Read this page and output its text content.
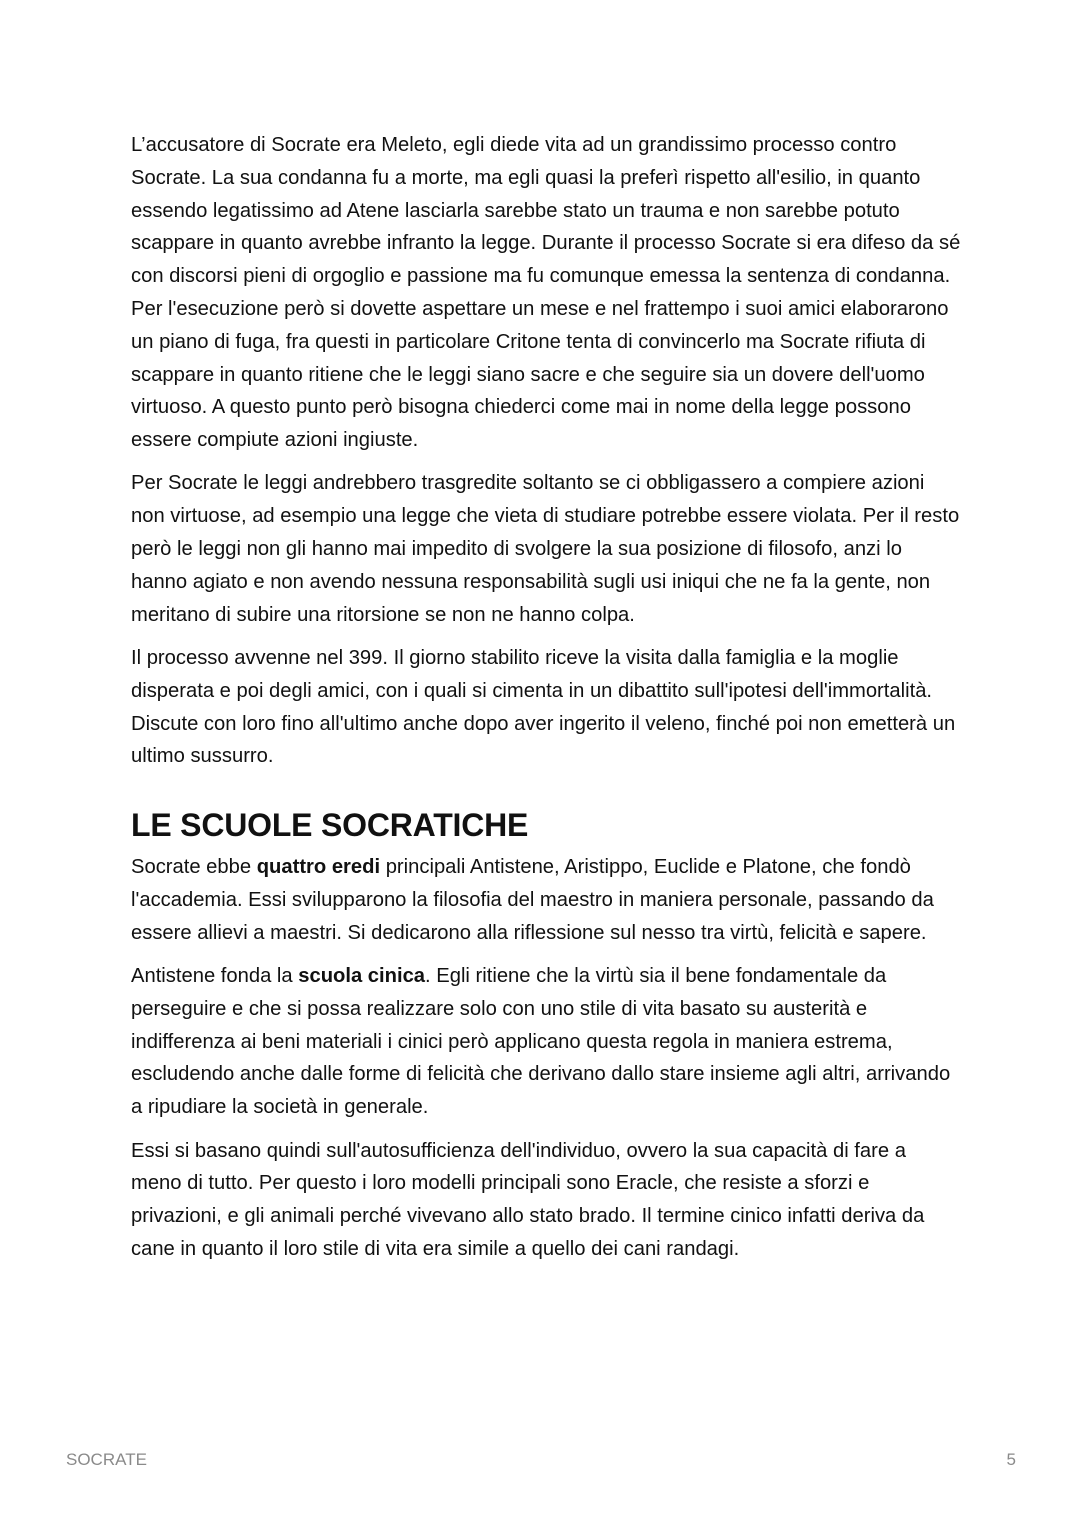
L’accusatore di Socrate era Meleto, egli diede vita ad un grandissimo processo contro Socrate. La sua condanna fu a morte, ma egli quasi la preferì rispetto all'esilio, in quanto essendo legatissimo ad Atene lasciarla sarebbe stato un trauma e non sarebbe potuto scappare in quanto avrebbe infranto la legge. Durante il processo Socrate si era difeso da sé con discorsi pieni di orgoglio e passione ma fu comunque emessa la sentenza di condanna. Per l'esecuzione però si dovette aspettare un mese e nel frattempo i suoi amici elaborarono un piano di fuga, fra questi in particolare Critone tenta di convincerlo ma Socrate rifiuta di scappare in quanto ritiene che le leggi siano sacre e che seguire sia un dovere dell'uomo virtuoso. A questo punto però bisogna chiederci come mai in nome della legge possono essere compiute azioni ingiuste.

Per Socrate le leggi andrebbero trasgredite soltanto se ci obbligassero a compiere azioni non virtuose, ad esempio una legge che vieta di studiare potrebbe essere violata. Per il resto però le leggi non gli hanno mai impedito di svolgere la sua posizione di filosofo, anzi lo hanno agiato e non avendo nessuna responsabilità sugli usi iniqui che ne fa la gente, non meritano di subire una ritorsione se non ne hanno colpa.

Il processo avvenne nel 399. Il giorno stabilito riceve la visita dalla famiglia e la moglie disperata e poi degli amici, con i quali si cimenta in un dibattito sull'ipotesi dell'immortalità. Discute con loro fino all'ultimo anche dopo aver ingerito il veleno, finché poi non emetterà un ultimo sussurro.

LE SCUOLE SOCRATICHE

Socrate ebbe quattro eredi principali Antistene, Aristippo, Euclide e Platone, che fondò l'accademia. Essi svilupparono la filosofia del maestro in maniera personale, passando da essere allievi a maestri. Si dedicarono alla riflessione sul nesso tra virtù, felicità e sapere.

Antistene fonda la scuola cinica. Egli ritiene che la virtù sia il bene fondamentale da perseguire e che si possa realizzare solo con uno stile di vita basato su austerità e indifferenza ai beni materiali i cinici però applicano questa regola in maniera estrema, escludendo anche dalle forme di felicità che derivano dallo stare insieme agli altri, arrivando a ripudiare la società in generale.

Essi si basano quindi sull'autosufficienza dell'individuo, ovvero la sua capacità di fare a meno di tutto. Per questo i loro modelli principali sono Eracle, che resiste a sforzi e privazioni, e gli animali perché vivevano allo stato brado. Il termine cinico infatti deriva da cane in quanto il loro stile di vita era simile a quello dei cani randagi.

SOCRATE	5
